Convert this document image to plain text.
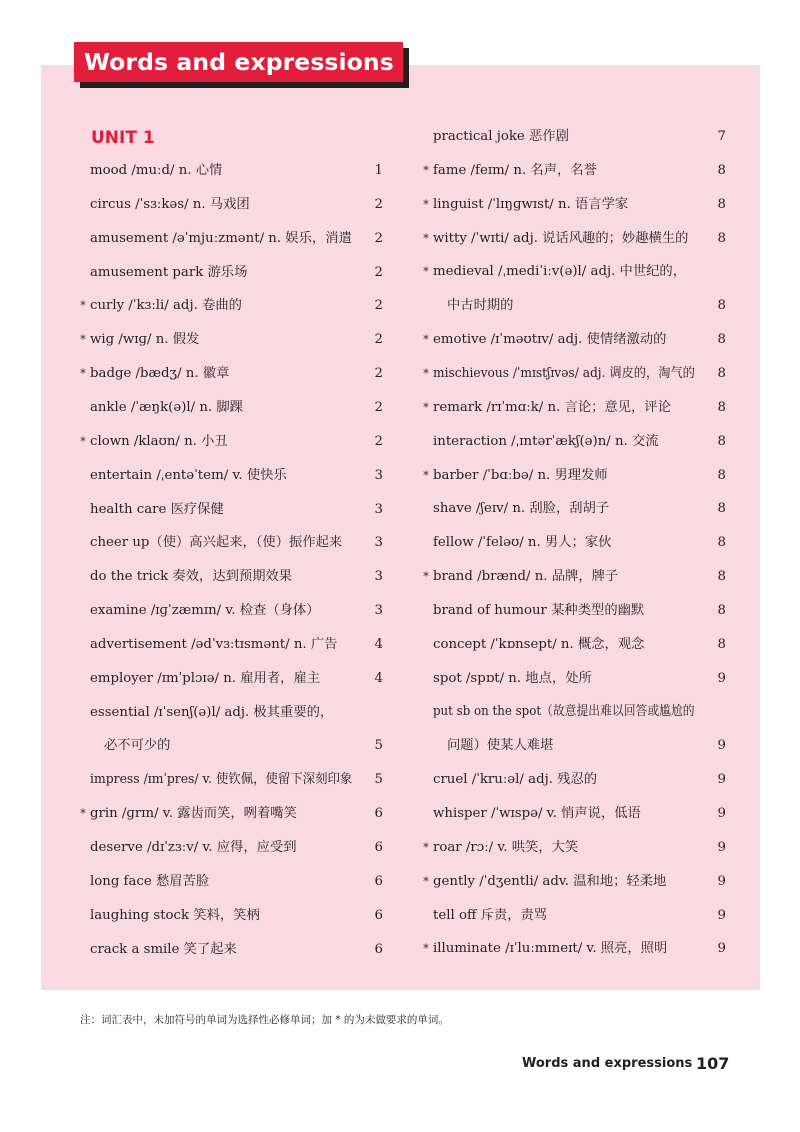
Words and expressions
UNIT 1
mood /muːd/ n. 心情	1
circus /ˈsɜːkəs/ n. 马戏团	2
amusement /əˈmjuːzmənt/ n. 娱乐，消遣	2
amusement park 游乐场	2
* curly /ˈkɜːli/ adj. 卷曲的	2
* wig /wɪɡ/ n. 假发	2
* badge /bædʒ/ n. 徽章	2
ankle /ˈæŋk(ə)l/ n. 脚踝	2
* clown /klaʊn/ n. 小丑	2
entertain /ˌentəˈteɪn/ v. 使快乐	3
health care 医疗保健	3
cheer up（使）高兴起来，（使）振作起来	3
do the trick 奏效，达到预期效果	3
examine /ɪɡˈzæmɪn/ v. 检查（身体）	3
advertisement /ədˈvɜːtɪsmənt/ n. 广告	4
employer /ɪmˈplɔɪə/ n. 雇用者，雇主	4
essential /ɪˈsenʃ(ə)l/ adj. 极其重要的，
必不可少的	5
impress /ɪmˈpres/ v. 使钦佩，使留下深刻印象	5
* grin /ɡrɪn/ v. 露齿而笑，咧着嘴笑	6
deserve /dɪˈzɜːv/ v. 应得，应受到	6
long face 愁眉苦脸	6
laughing stock 笑料，笑柄	6
crack a smile 笑了起来	6
practical joke 恶作剧	7
* fame /feɪm/ n. 名声，名誉	8
* linguist /ˈlɪŋɡwɪst/ n. 语言学家	8
* witty /ˈwɪti/ adj. 说话风趣的；妙趣横生的	8
* medieval /ˌmediˈiːv(ə)l/ adj. 中世纪的，
中古时期的	8
* emotive /ɪˈməʊtɪv/ adj. 使情绪激动的	8
* mischievous /ˈmɪstʃɪvəs/ adj. 调皮的，淘气的	8
* remark /rɪˈmɑːk/ n. 言论；意见，评论	8
interaction /ˌɪntərˈækʃ(ə)n/ n. 交流	8
* barber /ˈbɑːbə/ n. 男理发师	8
shave /ʃeɪv/ n. 刮脸，刮胡子	8
fellow /ˈfeləʊ/ n. 男人；家伙	8
* brand /brænd/ n. 品牌，牌子	8
brand of humour 某种类型的幽默	8
concept /ˈkɒnsept/ n. 概念，观念	8
spot /spɒt/ n. 地点，处所	9
put sb on the spot（故意提出难以回答或尴尬的
问题）使某人难堪	9
cruel /ˈkruːəl/ adj. 残忍的	9
whisper /ˈwɪspə/ v. 悄声说，低语	9
* roar /rɔː/ v. 哄笑，大笑	9
* gently /ˈdʒentli/ adv. 温和地；轻柔地	9
tell off 斥责，责骂	9
* illuminate /ɪˈluːmɪneɪt/ v. 照亮，照明	9
注：词汇表中，未加符号的单词为选择性必修单词；加 * 的为未做要求的单词。
Words and expressions 107
